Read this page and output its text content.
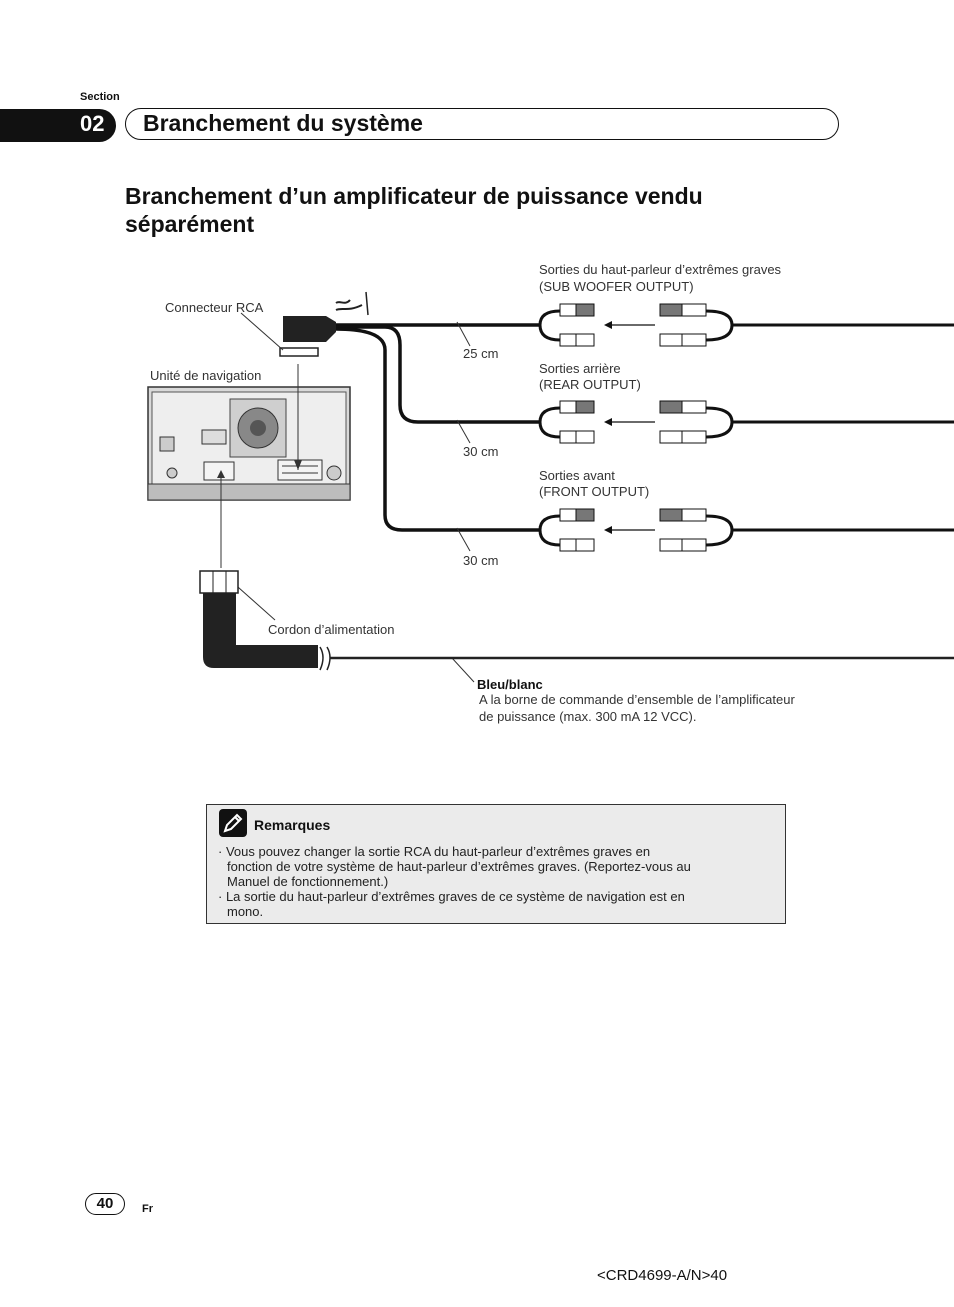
Section
02 Branchement du système
Branchement d’un amplificateur de puissance vendu séparément
Connecteur RCA
Unité de navigation
Cordon d’alimentation
25 cm
30 cm
30 cm
Sorties du haut-parleur d’extrêmes graves
(SUB WOOFER OUTPUT)
Sorties arrière
(REAR OUTPUT)
Sorties avant
(FRONT OUTPUT)
Bleu/blanc
A la borne de commande d’ensemble de l’amplificateur
de puissance (max. 300 mA 12 VCC).
Remarques
· Vous pouvez changer la sortie RCA du haut-parleur d’extrêmes graves en
fonction de votre système de haut-parleur d’extrêmes graves. (Reportez-vous au
Manuel de fonctionnement.)
· La sortie du haut-parleur d’extrêmes graves de ce système de navigation est en
mono.
40	Fr
<CRD4699-A/N>40
